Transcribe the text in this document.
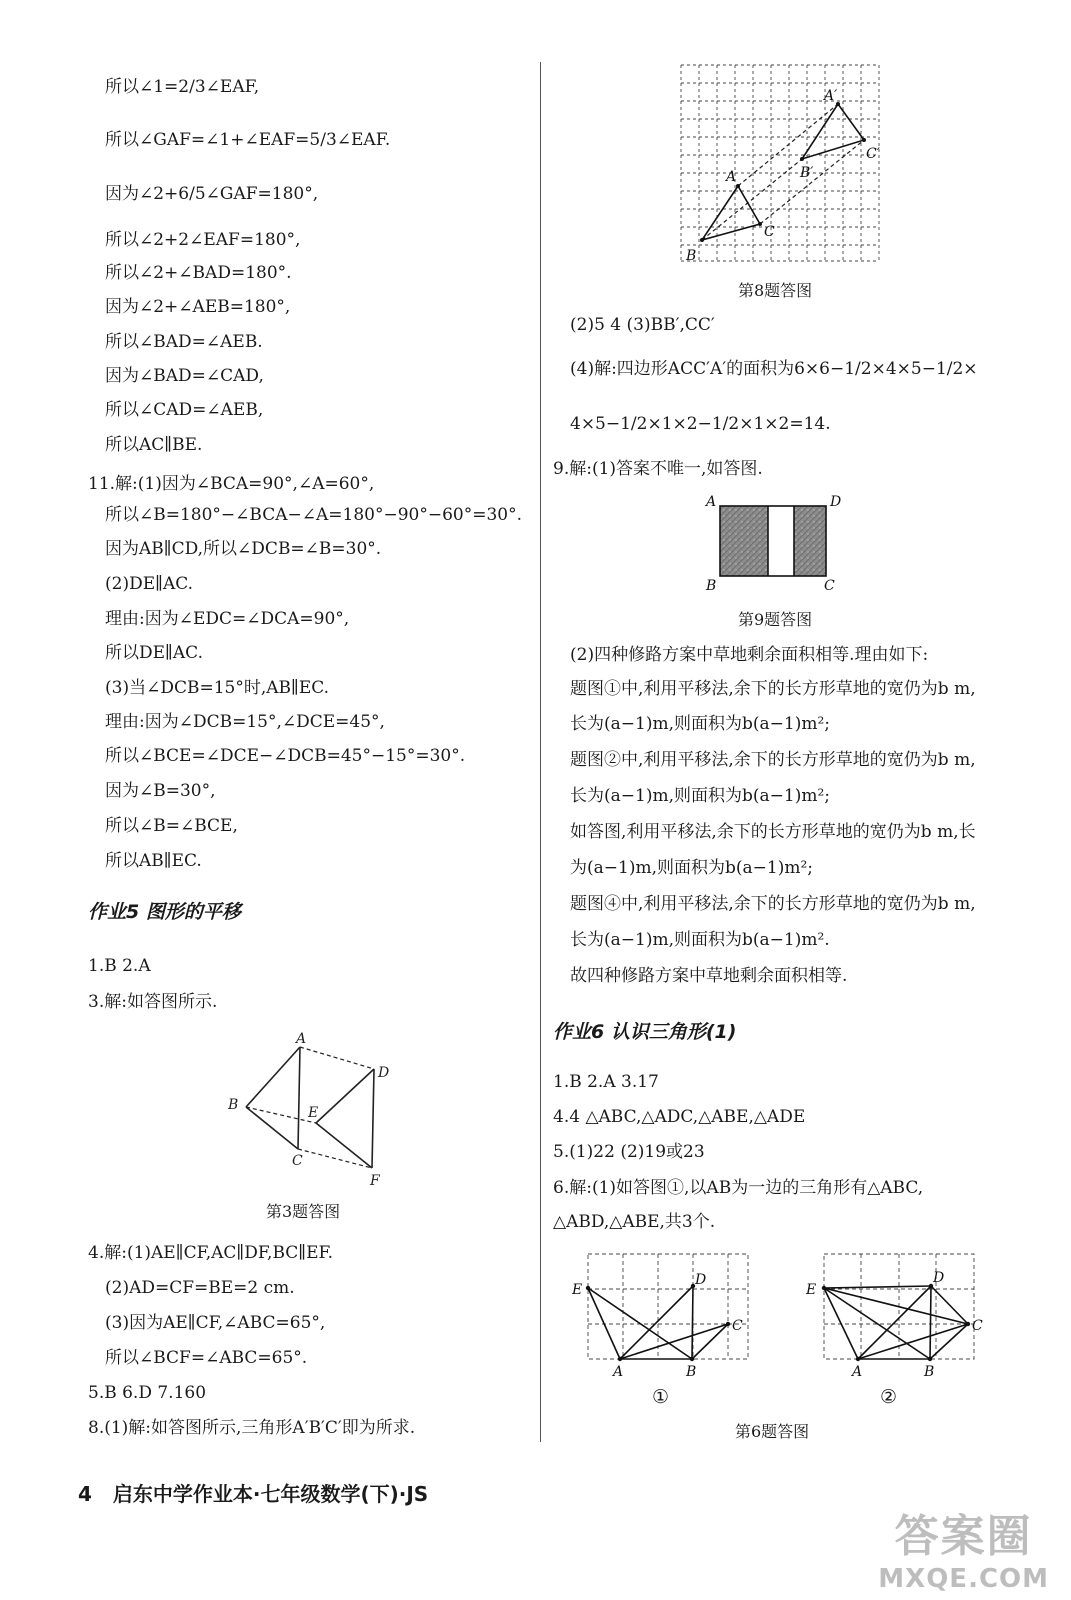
所以∠1=2/3∠EAF,
所以∠GAF=∠1+∠EAF=5/3∠EAF.
因为∠2+6/5∠GAF=180°,
所以∠2+2∠EAF=180°,
所以∠2+∠BAD=180°.
因为∠2+∠AEB=180°,
所以∠BAD=∠AEB.
因为∠BAD=∠CAD,
所以∠CAD=∠AEB,
所以AC∥BE.
11.解:(1)因为∠BCA=90°,∠A=60°,
所以∠B=180°−∠BCA−∠A=180°−90°−60°=30°.
因为AB∥CD,所以∠DCB=∠B=30°.
(2)DE∥AC.
理由:因为∠EDC=∠DCA=90°,
所以DE∥AC.
(3)当∠DCB=15°时,AB∥EC.
理由:因为∠DCB=15°,∠DCE=45°,
所以∠BCE=∠DCE−∠DCB=45°−15°=30°.
因为∠B=30°,
所以∠B=∠BCE,
所以AB∥EC.
作业5 图形的平移
1.B 2.A
3.解:如答图所示.
A
B
C
D
E
F
第3题答图
4.解:(1)AE∥CF,AC∥DF,BC∥EF.
(2)AD=CF=BE=2 cm.
(3)因为AE∥CF,∠ABC=65°,
所以∠BCF=∠ABC=65°.
5.B 6.D 7.160
8.(1)解:如答图所示,三角形A′B′C′即为所求.
A
B
C
A′
B′
C′
第8题答图
(2)5 4 (3)BB′,CC′
(4)解:四边形ACC′A′的面积为6×6−1/2×4×5−1/2×
4×5−1/2×1×2−1/2×1×2=14.
9.解:(1)答案不唯一,如答图.
A
B	C
D
第9题答图
(2)四种修路方案中草地剩余面积相等.理由如下:
题图①中,利用平移法,余下的长方形草地的宽仍为b m,
长为(a−1)m,则面积为b(a−1)m²;
题图②中,利用平移法,余下的长方形草地的宽仍为b m,
长为(a−1)m,则面积为b(a−1)m²;
如答图,利用平移法,余下的长方形草地的宽仍为b m,长
为(a−1)m,则面积为b(a−1)m²;
题图④中,利用平移法,余下的长方形草地的宽仍为b m,
长为(a−1)m,则面积为b(a−1)m².
故四种修路方案中草地剩余面积相等.
作业6 认识三角形(1)
1.B 2.A 3.17
4.4 △ABC,△ADC,△ABE,△ADE
5.(1)22 (2)19或23
6.解:(1)如答图①,以AB为一边的三角形有△ABC,
△ABD,△ABE,共3个.
A	B
C
D
E
①
A	B
C
D
E
②
第6题答图
4 启东中学作业本·七年级数学(下)·JS
答案圈
MXQE.COM
